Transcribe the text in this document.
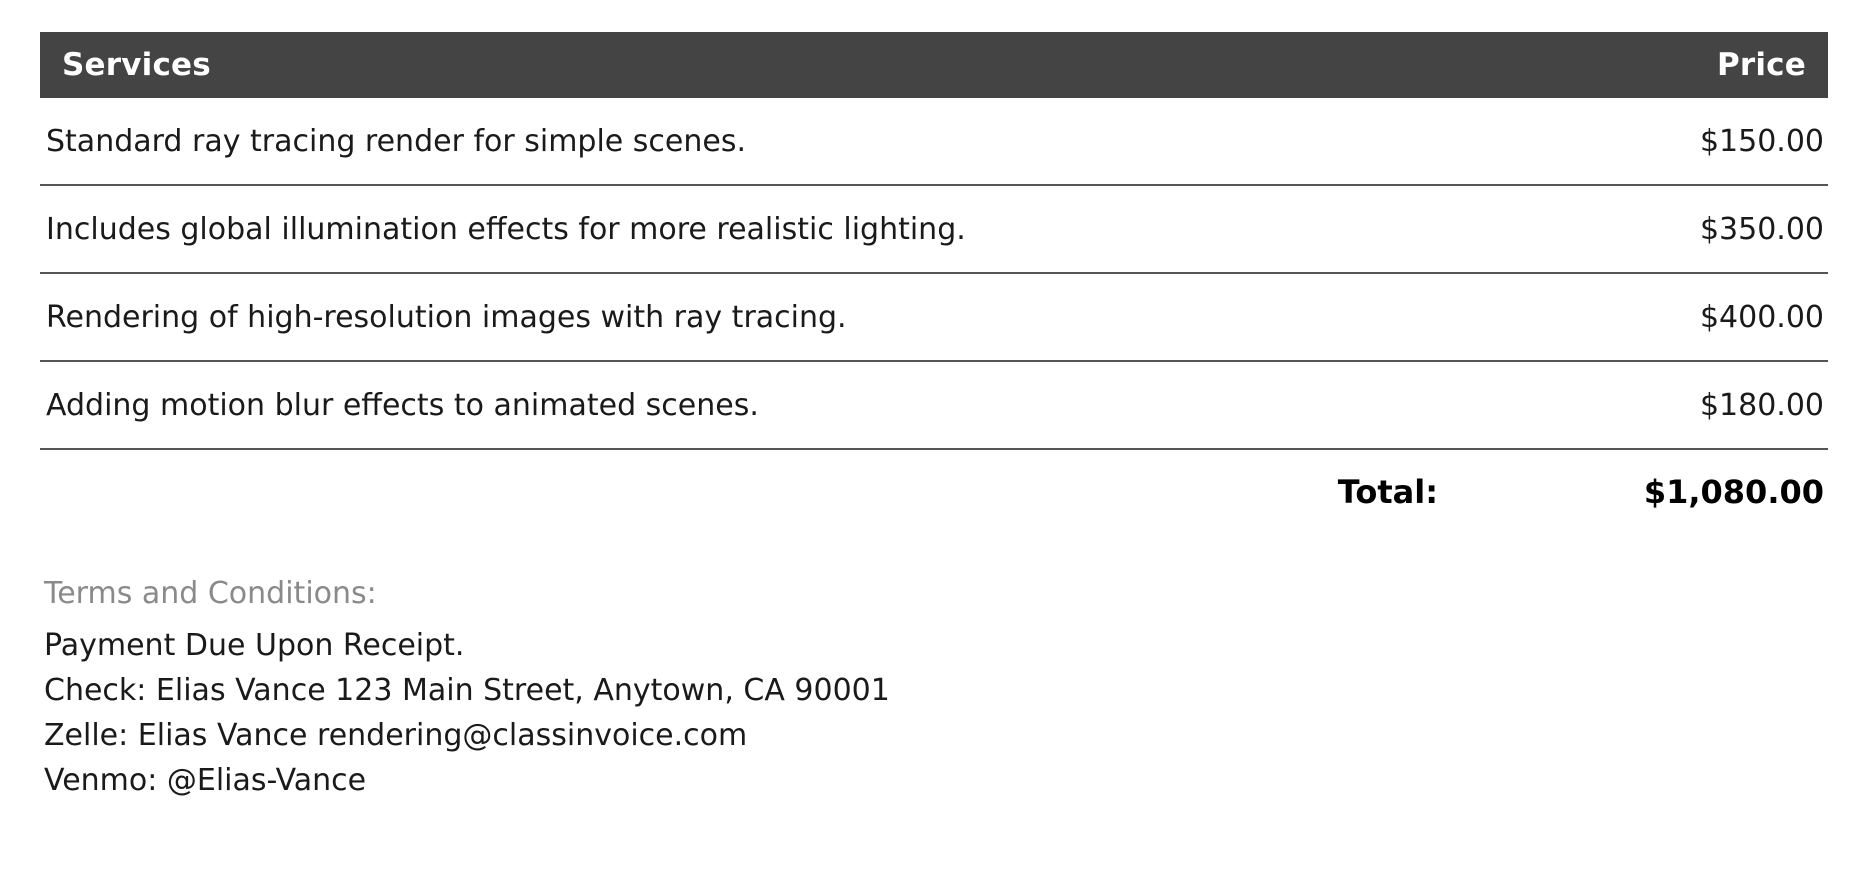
Services	Price
Standard ray tracing render for simple scenes.	$150.00
Includes global illumination effects for more realistic lighting.	$350.00
Rendering of high-resolution images with ray tracing.	$400.00
Adding motion blur effects to animated scenes.	$180.00
Total:	$1,080.00
Terms and Conditions:
Payment Due Upon Receipt.
Check: Elias Vance 123 Main Street, Anytown, CA 90001
Zelle: Elias Vance rendering@classinvoice.com
Venmo: @Elias-Vance
